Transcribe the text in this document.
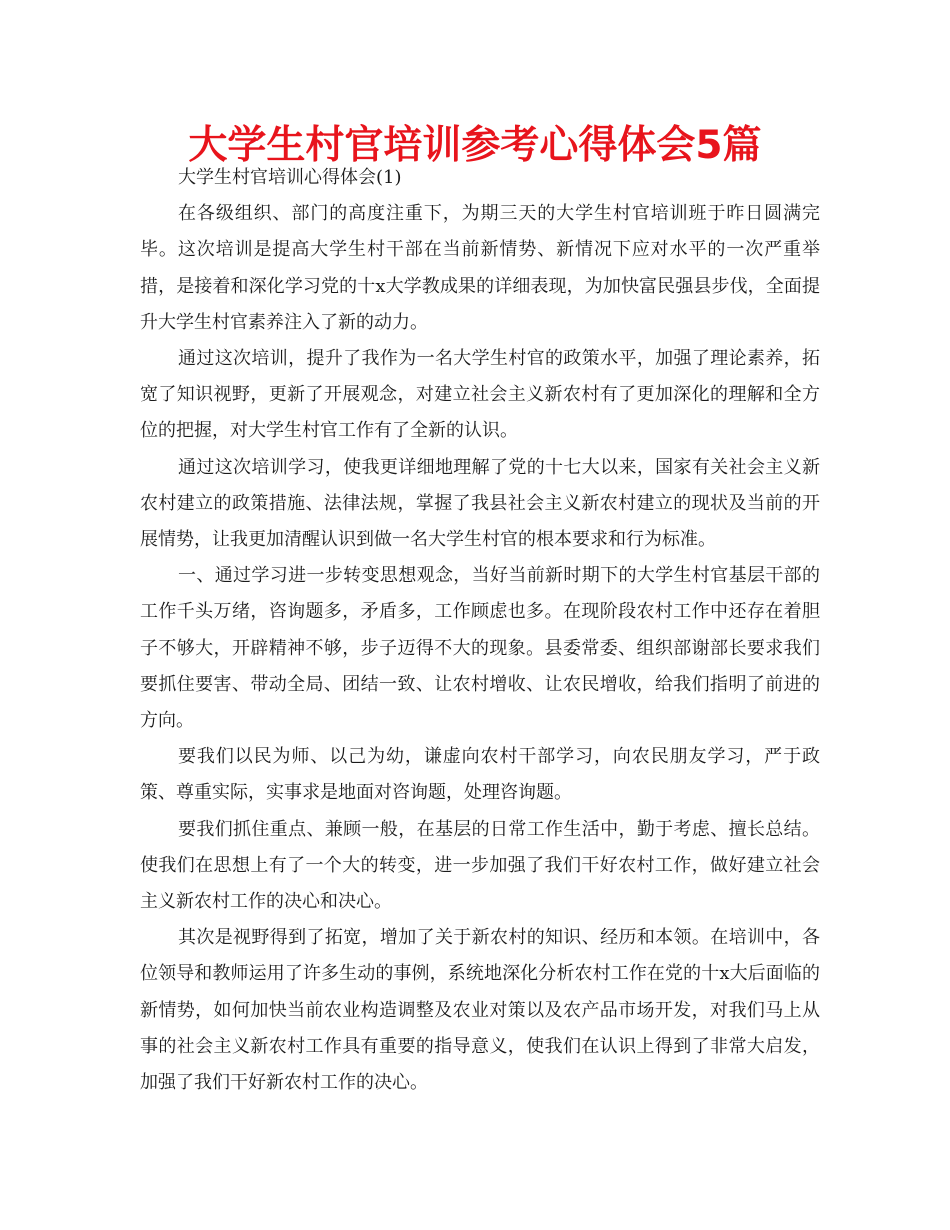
大学生村官培训参考心得体会5篇

大学生村官培训心得体会(1)

在各级组织、部门的高度注重下，为期三天的大学生村官培训班于昨日圆满完毕。这次培训是提高大学生村干部在当前新情势、新情况下应对水平的一次严重举措，是接着和深化学习党的十x大学教成果的详细表现，为加快富民强县步伐，全面提升大学生村官素养注入了新的动力。

通过这次培训，提升了我作为一名大学生村官的政策水平，加强了理论素养，拓宽了知识视野，更新了开展观念，对建立社会主义新农村有了更加深化的理解和全方位的把握，对大学生村官工作有了全新的认识。

通过这次培训学习，使我更详细地理解了党的十七大以来，国家有关社会主义新农村建立的政策措施、法律法规，掌握了我县社会主义新农村建立的现状及当前的开展情势，让我更加清醒认识到做一名大学生村官的根本要求和行为标准。

一、通过学习进一步转变思想观念，当好当前新时期下的大学生村官基层干部的工作千头万绪，咨询题多，矛盾多，工作顾虑也多。在现阶段农村工作中还存在着胆子不够大，开辟精神不够，步子迈得不大的现象。县委常委、组织部谢部长要求我们要抓住要害、带动全局、团结一致、让农村增收、让农民增收，给我们指明了前进的方向。

要我们以民为师、以己为幼，谦虚向农村干部学习，向农民朋友学习，严于政策、尊重实际，实事求是地面对咨询题，处理咨询题。

要我们抓住重点、兼顾一般，在基层的日常工作生活中，勤于考虑、擅长总结。使我们在思想上有了一个大的转变，进一步加强了我们干好农村工作，做好建立社会主义新农村工作的决心和决心。

其次是视野得到了拓宽，增加了关于新农村的知识、经历和本领。在培训中，各位领导和教师运用了许多生动的事例，系统地深化分析农村工作在党的十x大后面临的新情势，如何加快当前农业构造调整及农业对策以及农产品市场开发，对我们马上从事的社会主义新农村工作具有重要的指导意义，使我们在认识上得到了非常大启发，加强了我们干好新农村工作的决心。
